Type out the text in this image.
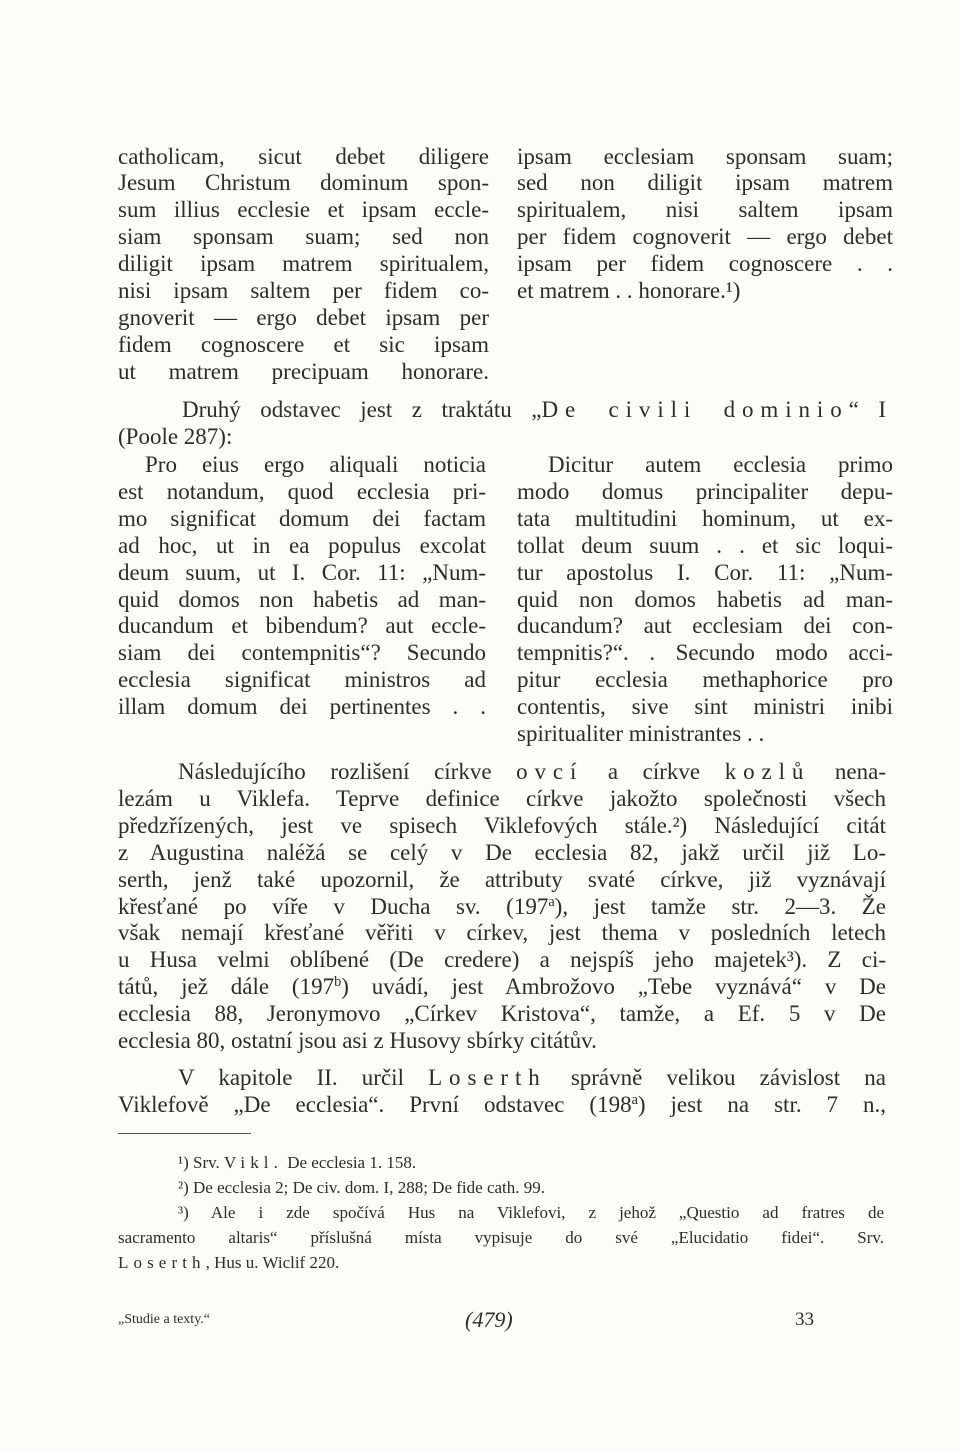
catholicam, sicut debet diligere
Jesum Christum dominum spon-
sum illius ecclesie et ipsam eccle-
siam sponsam suam; sed non
diligit ipsam matrem spiritualem,
nisi ipsam saltem per fidem co-
gnoverit — ergo debet ipsam per
fidem cognoscere et sic ipsam
ut matrem precipuam honorare.
ipsam ecclesiam sponsam suam;
sed non diligit ipsam matrem
spiritualem, nisi saltem ipsam
per fidem cognoverit — ergo debet
ipsam per fidem cognoscere . .
et matrem . . honorare.¹)
Druhý odstavec jest z traktátu „De civili dominio“ I
(Poole 287):
Pro eius ergo aliquali noticia
est notandum, quod ecclesia pri-
mo significat domum dei factam
ad hoc, ut in ea populus excolat
deum suum, ut I. Cor. 11: „Num-
quid domos non habetis ad man-
ducandum et bibendum? aut eccle-
siam dei contempnitis“? Secundo
ecclesia significat ministros ad
illam domum dei pertinentes . .
Dicitur autem ecclesia primo
modo domus principaliter depu-
tata multitudini hominum, ut ex-
tollat deum suum . . et sic loqui-
tur apostolus I. Cor. 11: „Num-
quid non domos habetis ad man-
ducandum? aut ecclesiam dei con-
tempnitis?“. . Secundo modo acci-
pitur ecclesia methaphorice pro
contentis, sive sint ministri inibi
spiritualiter ministrantes . .
Následujícího rozlišení církve ovcí a církve kozlů nena-
lezám u Viklefa. Teprve definice církve jakožto společnosti všech
předzřízených, jest ve spisech Viklefových stále.²) Následující citát
z Augustina naléžá se celý v De ecclesia 82, jakž určil již Lo-
serth, jenž také upozornil, že attributy svaté církve, již vyznávají
křesťané po víře v Ducha sv. (197$^a$), jest tamže str. 2—3. Že
však nemají křesťané věřiti v církev, jest thema v posledních letech
u Husa velmi oblíbené (De credere) a nejspíš jeho majetek³). Z ci-
tátů, jež dále (197$^b$) uvádí, jest Ambrožovo „Tebe vyznává“ v De
ecclesia 88, Jeronymovo „Církev Kristova“, tamže, a Ef. 5 v De
ecclesia 80, ostatní jsou asi z Husovy sbírky citátův.
V kapitole II. určil Loserth správně velikou závislost na
Viklefově „De ecclesia“. První odstavec (198$^a$) jest na str. 7 n.,
¹) Srv. Vikl. De ecclesia 1. 158.
²) De ecclesia 2; De civ. dom. I, 288; De fide cath. 99.
³) Ale i zde spočívá Hus na Viklefovi, z jehož „Questio ad fratres de
sacramento altaris“ příslušná místa vypisuje do své „Elucidatio fidei“. Srv.
Loserth, Hus u. Wiclif 220.
„Studie a texty.“	(479)	33
